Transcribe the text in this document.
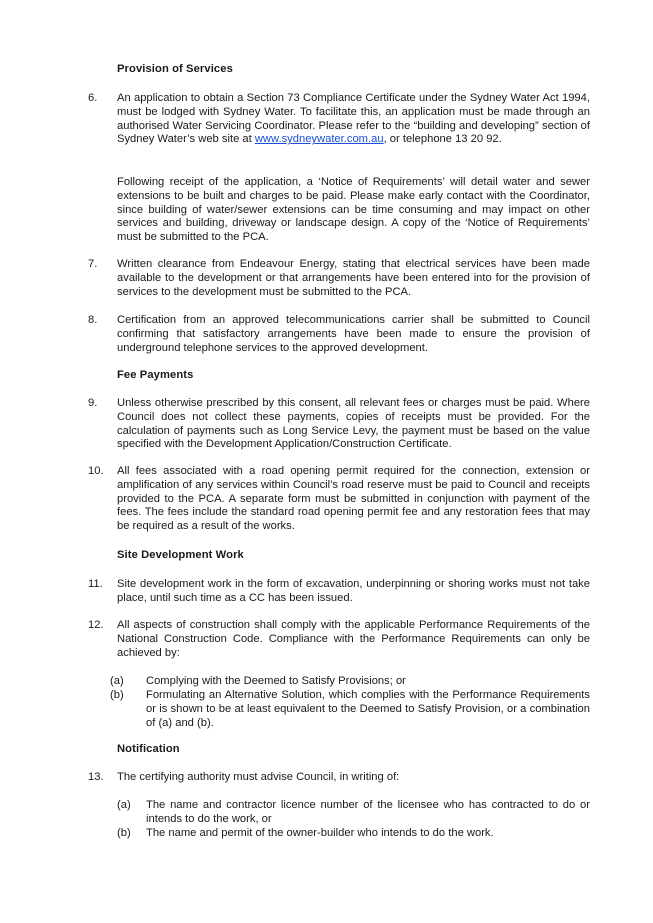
Provision of Services
6. An application to obtain a Section 73 Compliance Certificate under the Sydney Water Act 1994, must be lodged with Sydney Water. To facilitate this, an application must be made through an authorised Water Servicing Coordinator. Please refer to the “building and developing” section of Sydney Water’s web site at www.sydneywater.com.au, or telephone 13 20 92.

Following receipt of the application, a ‘Notice of Requirements’ will detail water and sewer extensions to be built and charges to be paid. Please make early contact with the Coordinator, since building of water/sewer extensions can be time consuming and may impact on other services and building, driveway or landscape design. A copy of the ‘Notice of Requirements’ must be submitted to the PCA.

7. Written clearance from Endeavour Energy, stating that electrical services have been made available to the development or that arrangements have been entered into for the provision of services to the development must be submitted to the PCA.

8. Certification from an approved telecommunications carrier shall be submitted to Council confirming that satisfactory arrangements have been made to ensure the provision of underground telephone services to the approved development.

Fee Payments
9. Unless otherwise prescribed by this consent, all relevant fees or charges must be paid. Where Council does not collect these payments, copies of receipts must be provided. For the calculation of payments such as Long Service Levy, the payment must be based on the value specified with the Development Application/Construction Certificate.

10. All fees associated with a road opening permit required for the connection, extension or amplification of any services within Council’s road reserve must be paid to Council and receipts provided to the PCA. A separate form must be submitted in conjunction with payment of the fees. The fees include the standard road opening permit fee and any restoration fees that may be required as a result of the works.

Site Development Work
11. Site development work in the form of excavation, underpinning or shoring works must not take place, until such time as a CC has been issued.

12. All aspects of construction shall comply with the applicable Performance Requirements of the National Construction Code. Compliance with the Performance Requirements can only be achieved by:

(a) Complying with the Deemed to Satisfy Provisions; or

(b) Formulating an Alternative Solution, which complies with the Performance Requirements or is shown to be at least equivalent to the Deemed to Satisfy Provision, or a combination of (a) and (b).

Notification
13. The certifying authority must advise Council, in writing of:

(a) The name and contractor licence number of the licensee who has contracted to do or intends to do the work, or

(b) The name and permit of the owner-builder who intends to do the work.
